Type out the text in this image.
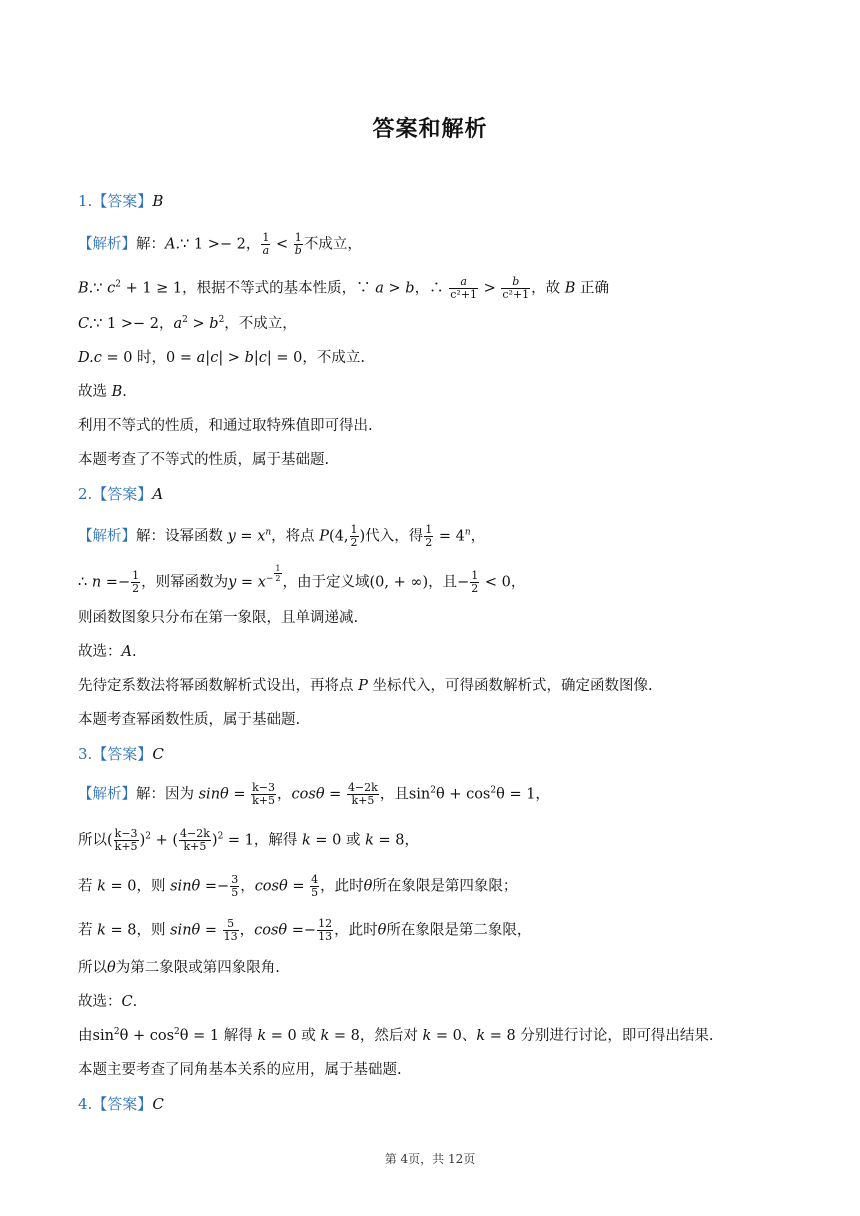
答案和解析
1.【答案】B
【解析】解：A.∵ 1 >− 2， $\frac{1}{a} < \frac{1}{b}$ 不成立，
B.∵ $c^2 + 1 \ge 1$，根据不等式的基本性质，∵ a > b，∴ $\frac{a}{\text{c²+1}} > \frac{b}{\text{c²+1}}$ ，故 B 正确
C.∵ 1 >− 2，$a^2 > b^2$，不成立，
D.c = 0 时，0 = a|c| > b|c| = 0，不成立.
故选 B.
利用不等式的性质，和通过取特殊值即可得出.
本题考查了不等式的性质，属于基础题.
2.【答案】A
【解析】解：设幂函数 $y = x^n$，将点 P(4, $\frac{1}{2}$ )代入，得 $\frac{1}{2} = 4^n$，
∴ $n =- \frac{1}{2}$ ，则幂函数为$y = x^{- \frac{1}{2}}$ ，由于定义域(0, + ∞)，且− $\frac{1}{2} < 0$，
则函数图象只分布在第一象限，且单调递减.
故选：A.
先待定系数法将幂函数解析式设出，再将点 P 坐标代入，可得函数解析式，确定函数图像.
本题考查幂函数性质，属于基础题.
3.【答案】C
【解析】解：因为 $\sin\theta = \frac{k-3}{k+5}$ ，$\cos\theta = \frac{4-2k}{k+5}$ ，且$\sin^2\theta + \cos^2\theta = 1$，
所以( $\frac{k-3}{k+5} )^2$ + ( $\frac{4-2k}{k+5} )^2 = 1$，解得 k = 0 或 k = 8，
若 k = 0，则 $\sin\theta =- \frac{3}{5}$ ，$\cos\theta = \frac{4}{5}$ ，此时θ所在象限是第四象限；
若 k = 8，则 $\sin\theta = \frac{5}{13}$ ，$\cos\theta =- \frac{12}{13}$ ，此时θ所在象限是第二象限，
所以θ为第二象限或第四象限角.
故选：C.
由$\sin^2\theta + \cos^2\theta = 1$ 解得 k = 0 或 k = 8，然后对 k = 0、k = 8 分别进行讨论，即可得出结果.
本题主要考查了同角基本关系的应用，属于基础题.
4.【答案】C
第 4页，共 12页
